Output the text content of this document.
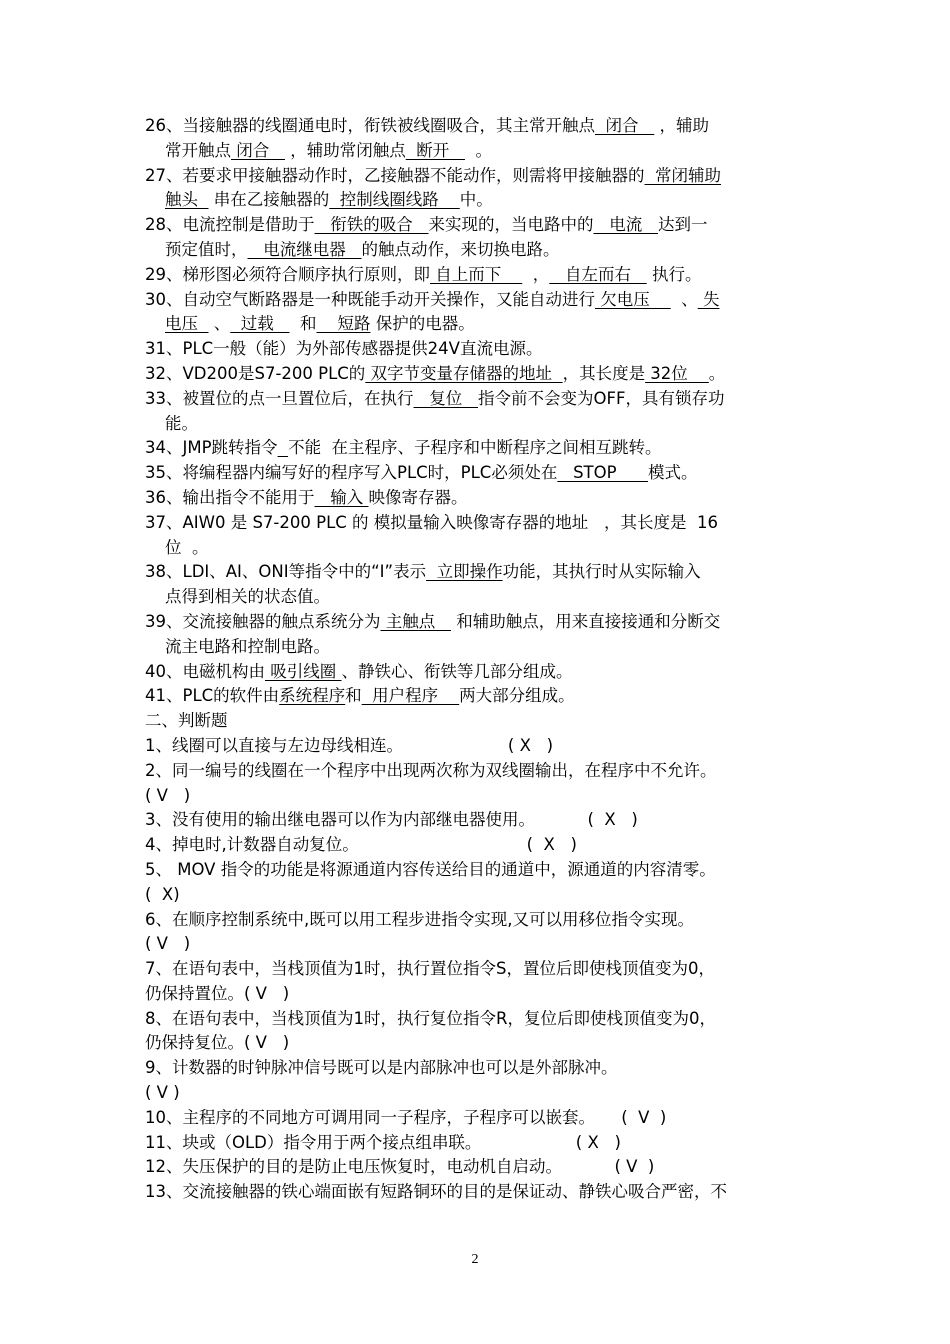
26、当接触器的线圈通电时，衔铁被线圈吸合，其主常开触点  闭合    ，辅助
常开触点 闭合    ，辅助常闭触点  断开     。
27、若要求甲接触器动作时，乙接触器不能动作，则需将甲接触器的  常闭辅助
触头   串在乙接触器的  控制线圈线路    中。
28、电流控制是借助于   衔铁的吸合   来实现的，当电路中的   电流   达到一
预定值时，   电流继电器   的触点动作，来切换电路。
29、梯形图必须符合顺序执行原则，即 自上而下      ，   自左而右    执行。
30、自动空气断路器是一种既能手动开关操作，又能自动进行 欠电压      、 失
电压   、  过载     和    短路 保护的电器。
31、PLC一般（能）为外部传感器提供24V直流电源。
32、VD200是S7-200 PLC的 双字节变量存储器的地址  ，其长度是 32位    。
33、被置位的点一旦置位后，在执行   复位   指令前不会变为OFF，具有锁存功
能。
34、JMP跳转指令 不能  在主程序、子程序和中断程序之间相互跳转。
35、将编程器内编写好的程序写入PLC时，PLC必须处在   STOP      模式。
36、输出指令不能用于   输入 映像寄存器。
37、AIW0 是 S7-200 PLC 的 模拟量输入映像寄存器的地址   ，其长度是  16
位  。
38、LDI、AI、ONI等指令中的“I”表示  立即操作功能，其执行时从实际输入
点得到相关的状态值。
39、交流接触器的触点系统分为 主触点    和辅助触点，用来直接接通和分断交
流主电路和控制电路。
40、电磁机构由 吸引线圈 、静铁心、衔铁等几部分组成。
41、PLC的软件由系统程序和  用户程序    两大部分组成。
二、判断题
1、线圈可以直接与左边母线相连。                    ( X   )
2、同一编号的线圈在一个程序中出现两次称为双线圈输出，在程序中不允许。
( V   )
3、没有使用的输出继电器可以作为内部继电器使用。          (  X   )
4、掉电时,计数器自动复位。                                (  X   )
5、 MOV 指令的功能是将源通道内容传送给目的通道中，源通道的内容清零。
(  X)
6、在顺序控制系统中,既可以用工程步进指令实现,又可以用移位指令实现。
( V   )
7、在语句表中，当栈顶值为1时，执行置位指令S，置位后即使栈顶值变为0，
仍保持置位。( V   )
8、在语句表中，当栈顶值为1时，执行复位指令R，复位后即使栈顶值变为0，
仍保持复位。( V   )
9、计数器的时钟脉冲信号既可以是内部脉冲也可以是外部脉冲。
( V )
10、主程序的不同地方可调用同一子程序，子程序可以嵌套。     (  V  )
11、块或（OLD）指令用于两个接点组串联。                  ( X   )
12、失压保护的目的是防止电压恢复时，电动机自启动。          ( V  )
13、交流接触器的铁心端面嵌有短路铜环的目的是保证动、静铁心吸合严密，不
2
